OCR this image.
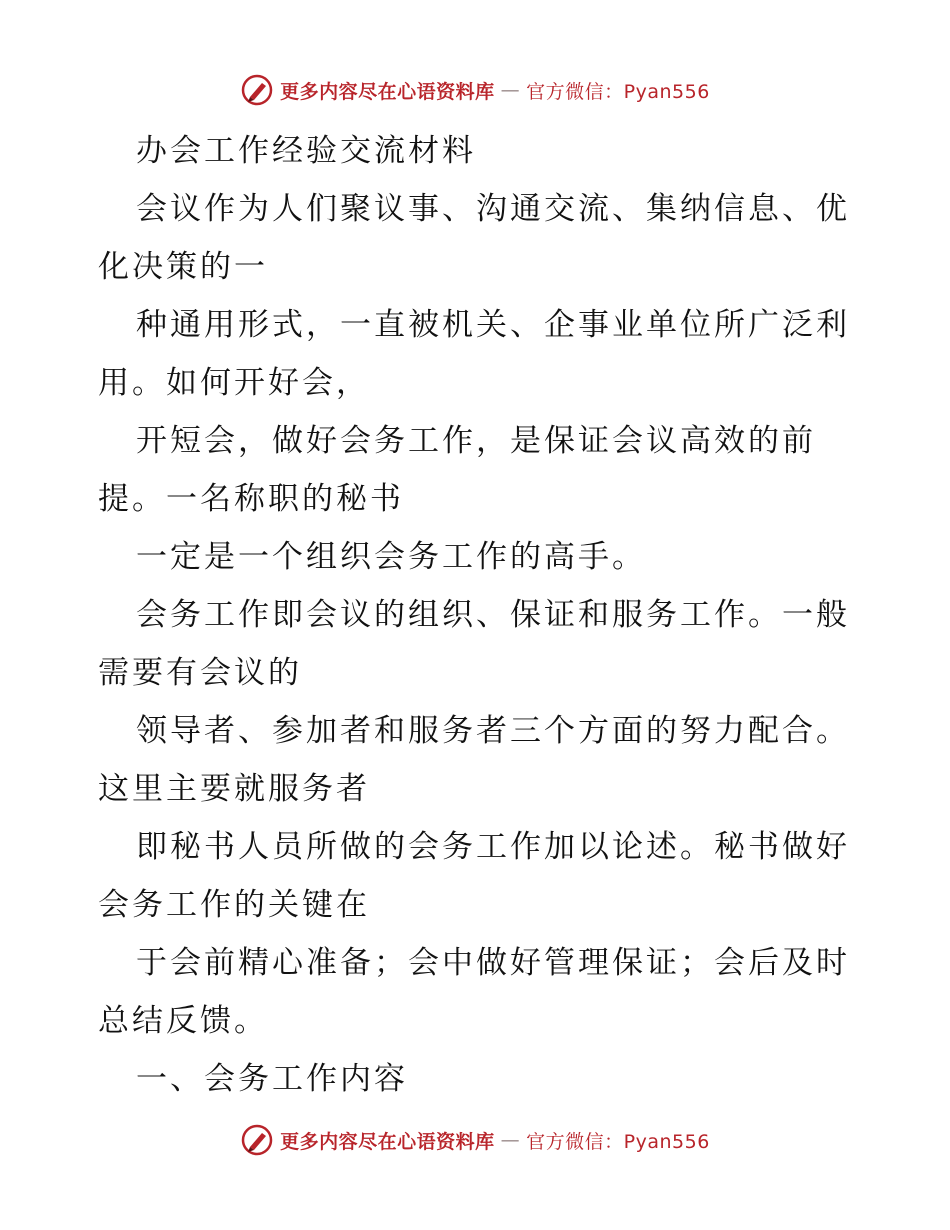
更多内容尽在心语资料库 — 官方微信：Pyan556
办会工作经验交流材料
会议作为人们聚议事、沟通交流、集纳信息、优
化决策的一
种通用形式，一直被机关、企事业单位所广泛利
用。如何开好会，
开短会，做好会务工作，是保证会议高效的前
提。一名称职的秘书
一定是一个组织会务工作的高手。
会务工作即会议的组织、保证和服务工作。一般
需要有会议的
领导者、参加者和服务者三个方面的努力配合。
这里主要就服务者
即秘书人员所做的会务工作加以论述。秘书做好
会务工作的关键在
于会前精心准备；会中做好管理保证；会后及时
总结反馈。
一、会务工作内容
更多内容尽在心语资料库 — 官方微信：Pyan556
